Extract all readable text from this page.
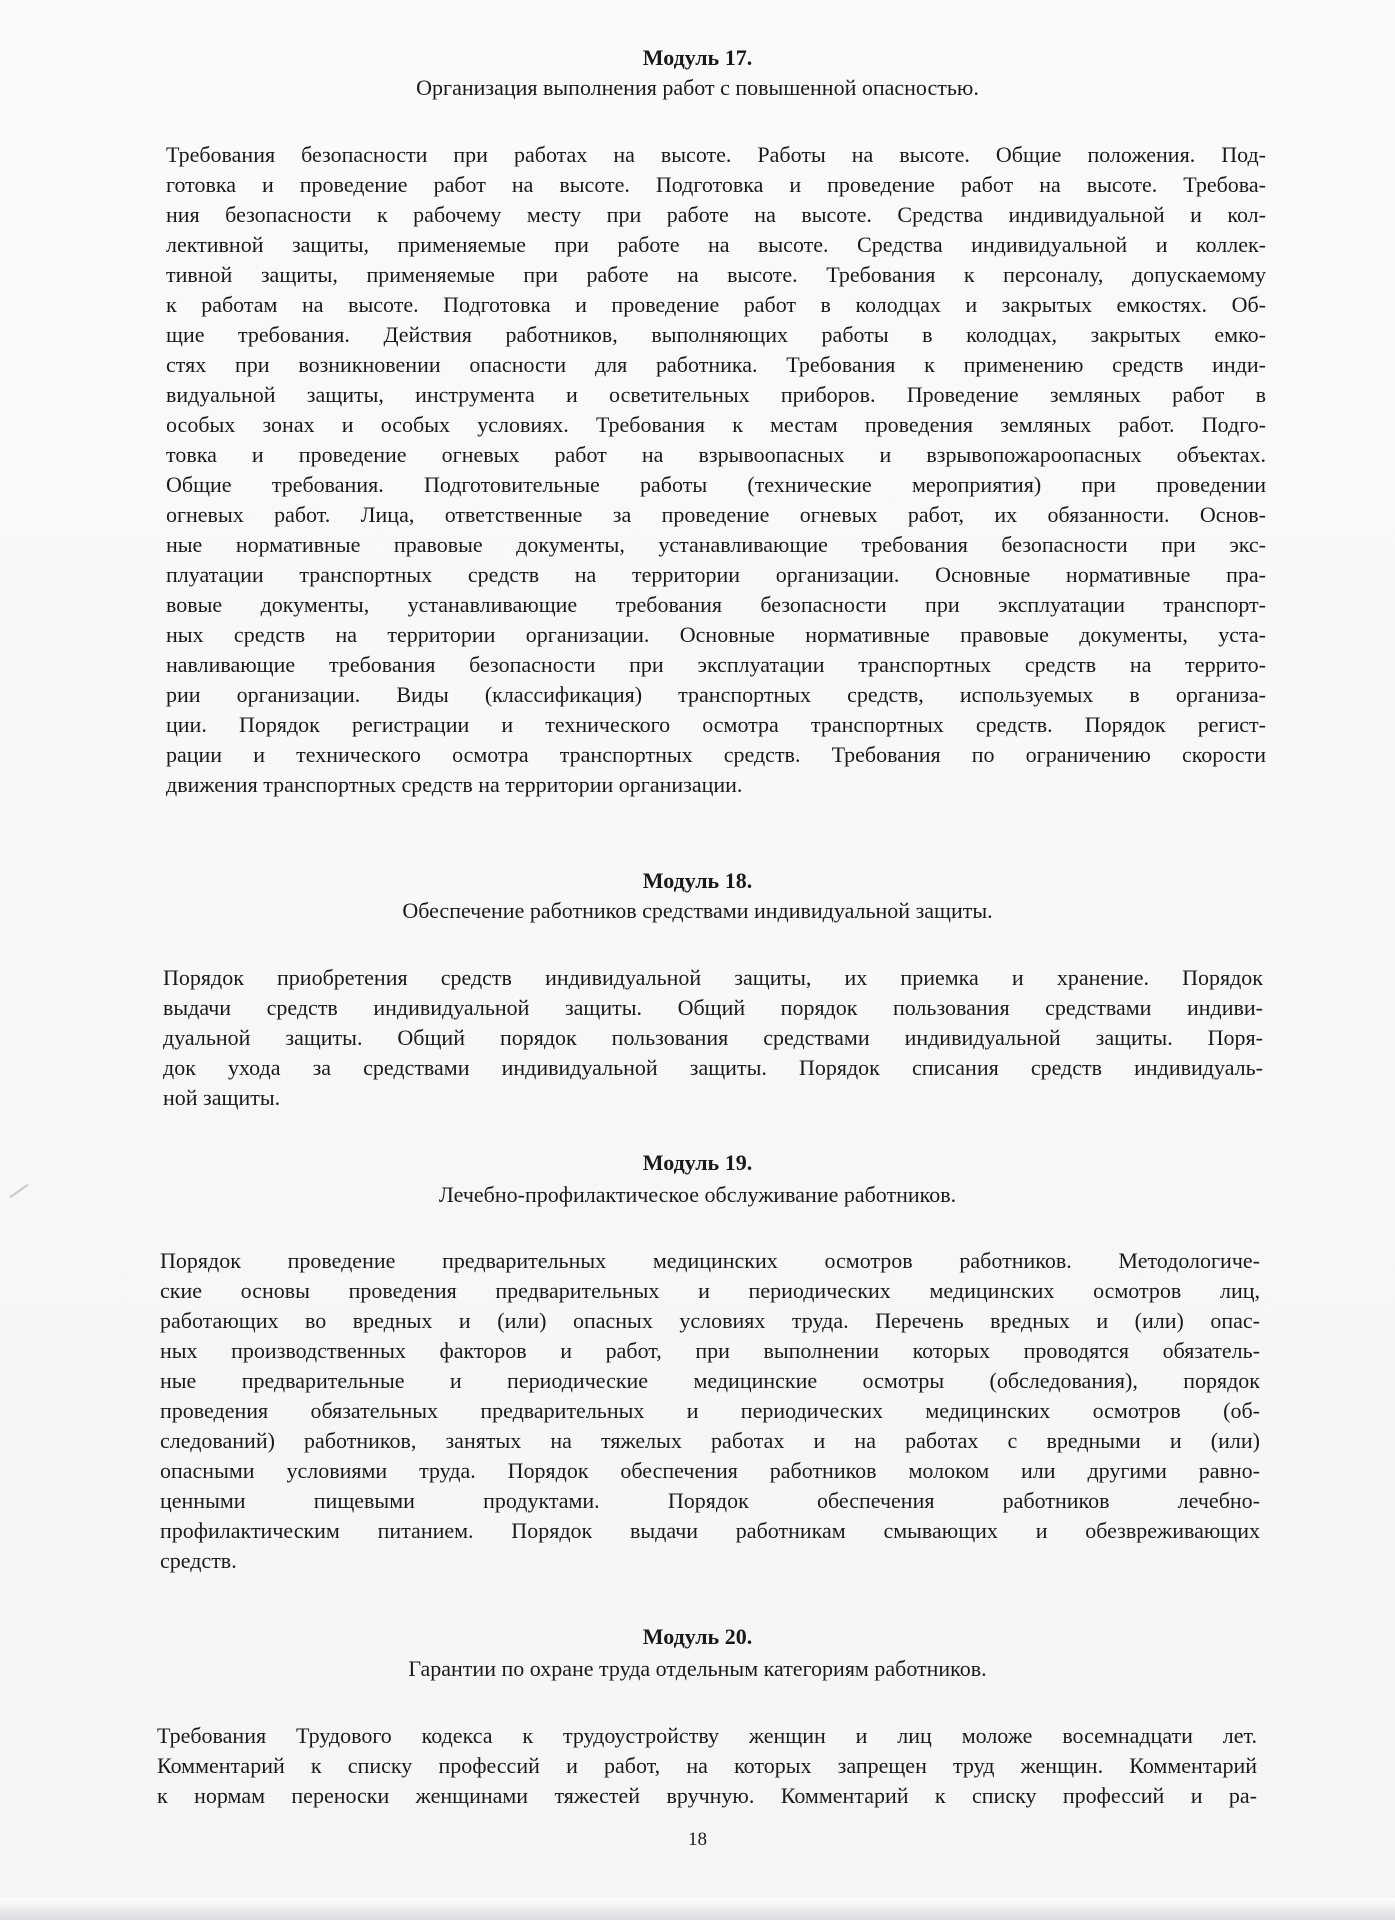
Модуль 17.
Организация выполнения работ с повышенной опасностью.
Требования безопасности при работах на высоте. Работы на высоте. Общие положения. Под-
готовка и проведение работ на высоте. Подготовка и проведение работ на высоте. Требова-
ния безопасности к рабочему месту при работе на высоте. Средства индивидуальной и кол-
лективной защиты, применяемые при работе на высоте. Средства индивидуальной и коллек-
тивной защиты, применяемые при работе на высоте. Требования к персоналу, допускаемому
к работам на высоте. Подготовка и проведение работ в колодцах и закрытых емкостях. Об-
щие требования. Действия работников, выполняющих работы в колодцах, закрытых емко-
стях при возникновении опасности для работника. Требования к применению средств инди-
видуальной защиты, инструмента и осветительных приборов. Проведение земляных работ в
особых зонах и особых условиях. Требования к местам проведения земляных работ. Подго-
товка и проведение огневых работ на взрывоопасных и взрывопожароопасных объектах.
Общие требования. Подготовительные работы (технические мероприятия) при проведении
огневых работ. Лица, ответственные за проведение огневых работ, их обязанности. Основ-
ные нормативные правовые документы, устанавливающие требования безопасности при экс-
плуатации транспортных средств на территории организации. Основные нормативные пра-
вовые документы, устанавливающие требования безопасности при эксплуатации транспорт-
ных средств на территории организации. Основные нормативные правовые документы, уста-
навливающие требования безопасности при эксплуатации транспортных средств на террито-
рии организации. Виды (классификация) транспортных средств, используемых в организа-
ции. Порядок регистрации и технического осмотра транспортных средств. Порядок регист-
рации и технического осмотра транспортных средств. Требования по ограничению скорости
движения транспортных средств на территории организации.
Модуль 18.
Обеспечение работников средствами индивидуальной защиты.
Порядок приобретения средств индивидуальной защиты, их приемка и хранение. Порядок
выдачи средств индивидуальной защиты. Общий порядок пользования средствами индиви-
дуальной защиты. Общий порядок пользования средствами индивидуальной защиты. Поря-
док ухода за средствами индивидуальной защиты. Порядок списания средств индивидуаль-
ной защиты.
Модуль 19.
Лечебно-профилактическое обслуживание работников.
Порядок проведение предварительных медицинских осмотров работников. Методологиче-
ские основы проведения предварительных и периодических медицинских осмотров лиц,
работающих во вредных и (или) опасных условиях труда. Перечень вредных и (или) опас-
ных производственных факторов и работ, при выполнении которых проводятся обязатель-
ные предварительные и периодические медицинские осмотры (обследования), порядок
проведения обязательных предварительных и периодических медицинских осмотров (об-
следований) работников, занятых на тяжелых работах и на работах с вредными и (или)
опасными условиями труда. Порядок обеспечения работников молоком или другими равно-
ценными пищевыми продуктами. Порядок обеспечения работников лечебно-
профилактическим питанием. Порядок выдачи работникам смывающих и обезвреживающих
средств.
Модуль 20.
Гарантии по охране труда отдельным категориям работников.
Требования Трудового кодекса к трудоустройству женщин и лиц моложе восемнадцати лет.
Комментарий к списку профессий и работ, на которых запрещен труд женщин. Комментарий
к нормам переноски женщинами тяжестей вручную. Комментарий к списку профессий и ра-
18
